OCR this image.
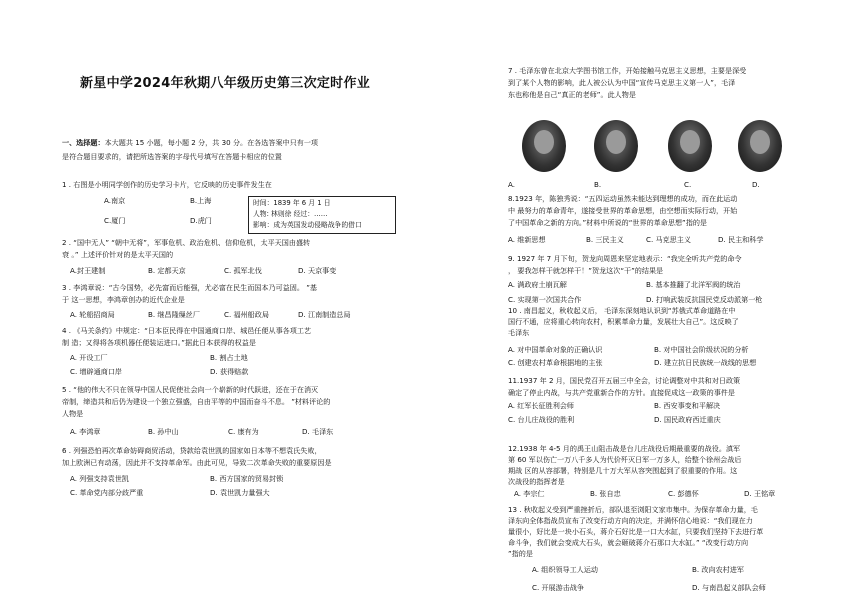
新星中学2024年秋期八年级历史第三次定时作业
一、选择题：本大题共 15 小题，每小题 2 分，共 30 分。在各选答案中只有一项
是符合题目要求的，请把所选答案的字母代号填写在答题卡相应的位置
1 . 右图是小明同学创作的历史学习卡片，它反映的历史事件发生在
A.南京	B.上海
C.厦门	D.虎门
时间：1839 年 6 月 1 日
人物: 林则徐 经过：……
影响：成为英国发动侵略战争的借口
2 . “国中无人” “朝中无将”，军事危机、政治危机、信仰危机，太平天国由盛转
衰 。” 上述评价针对的是太平天国的
A.封王建制	B. 定都天京	C. 孤军北伐	D. 天京事变
3 . 李鸿章说：“古今国势，必先富而后能强，尤必富在民生而国本乃可益固。 ”基
于 这一思想，李鸿章创办的近代企业是
A. 轮船招商局	B. 继昌隆缫丝厂	C. 福州船政局	D. 江南制造总局
4 . 《马关条约》中规定：“日本臣民得在中国通商口岸、城邑任便从事各项工艺
制 造；又得将各项机器任便装运进口。”据此日本获得的权益是
A. 开设工厂	B. 割占土地
C. 增辟通商口岸	D. 获得赔款
5 . “他的伟大不只在领导中国人民促使社会向一个崭新的时代跃进，还在于在消灭
帝制，缔造共和后仍为建设一个独立强盛，自由平等的中国而奋斗不息。 ”材料评论的
人物是
A. 李鸿章	B. 孙中山	C. 康有为	D. 毛泽东
6 . 列强恐怕再次革命妨碍商贸活动，贷款给袁世凯的国家如日本等不想袁氏失败，
加上欧洲已有动荡，因此并不支持革命军。由此可见，导致二次革命失败的重要原因是
A. 列强支持袁世凯	B. 西方国家的贸易封锁
C. 革命党内部分歧严重	D. 袁世凯力量强大
7 . 毛泽东曾在北京大学图书馆工作，开始接触马克思主义思想，主要是深受
到了某个人物的影响，此人被公认为中国“宣传马克思主义第一人”，毛泽
东也称他是自己“真正的老师”。此人物是
A.	B.	C.	D.
8.1923 年，陈独秀说：“五四运动虽然未能达到理想的成功，而在此运动
中 最努力的革命青年，遂接受世界的革命思想，由空想而实际行动，开始
了中国革命之新的方向。”材料中所说的“世界的革命思想”指的是
A. 维新思想	B. 三民主义	C. 马克思主义	D. 民主和科学
9. 1927 年 7 月下旬，贺龙向周恩来坚定地表示：“我完全听共产党的命令
， 要我怎样干就怎样干！”贺龙这次“干”的结果是
A. 满政府土崩瓦解	B. 基本推翻了北洋军阀的统治
C. 实现第一次国共合作	D. 打响武装反抗国民党反动派第一枪
10 . 南昌起义，秋收起义后， 毛泽东深刻地认识到“苏俄式革命道路在中
国行不通，应将重心转向农村，积累革命力量，发展壮大自己”。这反映了
毛泽东
A. 对中国革命对象的正确认识	B. 对中国社会阶级状况的分析
C. 创建农村革命根据地的主张	D. 建立抗日民族统一战线的思想
11.1937 年 2 月，国民党召开五届三中全会，讨论调整对中共和对日政策
确定了停止内战，与共产党重新合作的方针。直接促成这一政策的事件是
A. 红军长征胜利会师	B. 西安事变和平解决
C. 台儿庄战役的胜利	D. 国民政府西迁重庆
12.1938 年 4-5 月的禹王山阻击战是台儿庄战役后期最重要的战役。滇军
第 60 军以伤亡一万八千多人为代价歼灭日军一万多人，给整个徐州会战后
期战 区的从容部署，特别是几十万大军从容突围起到了很重要的作用。这
次战役的指挥者是
A. 李宗仁	B. 张自忠	C. 彭德怀	D. 王铭章
13 . 秋收起义受到严重挫折后，部队退至浏阳文家市集中。为保存革命力量，毛
泽东向全体指战员宣布了改变行动方向的决定，并满怀信心地说：“我们现在力
量很小，好比是一块小石头，蒋介石好比是一口大水缸，只要我们坚持下去进行革
命斗争，我们就会变成大石头，就会砸破蒋介石那口大水缸。” “改变行动方向
”指的是
A. 组织领导工人运动	B. 改向农村进军
C. 开展游击战争	D. 与南昌起义部队会师
